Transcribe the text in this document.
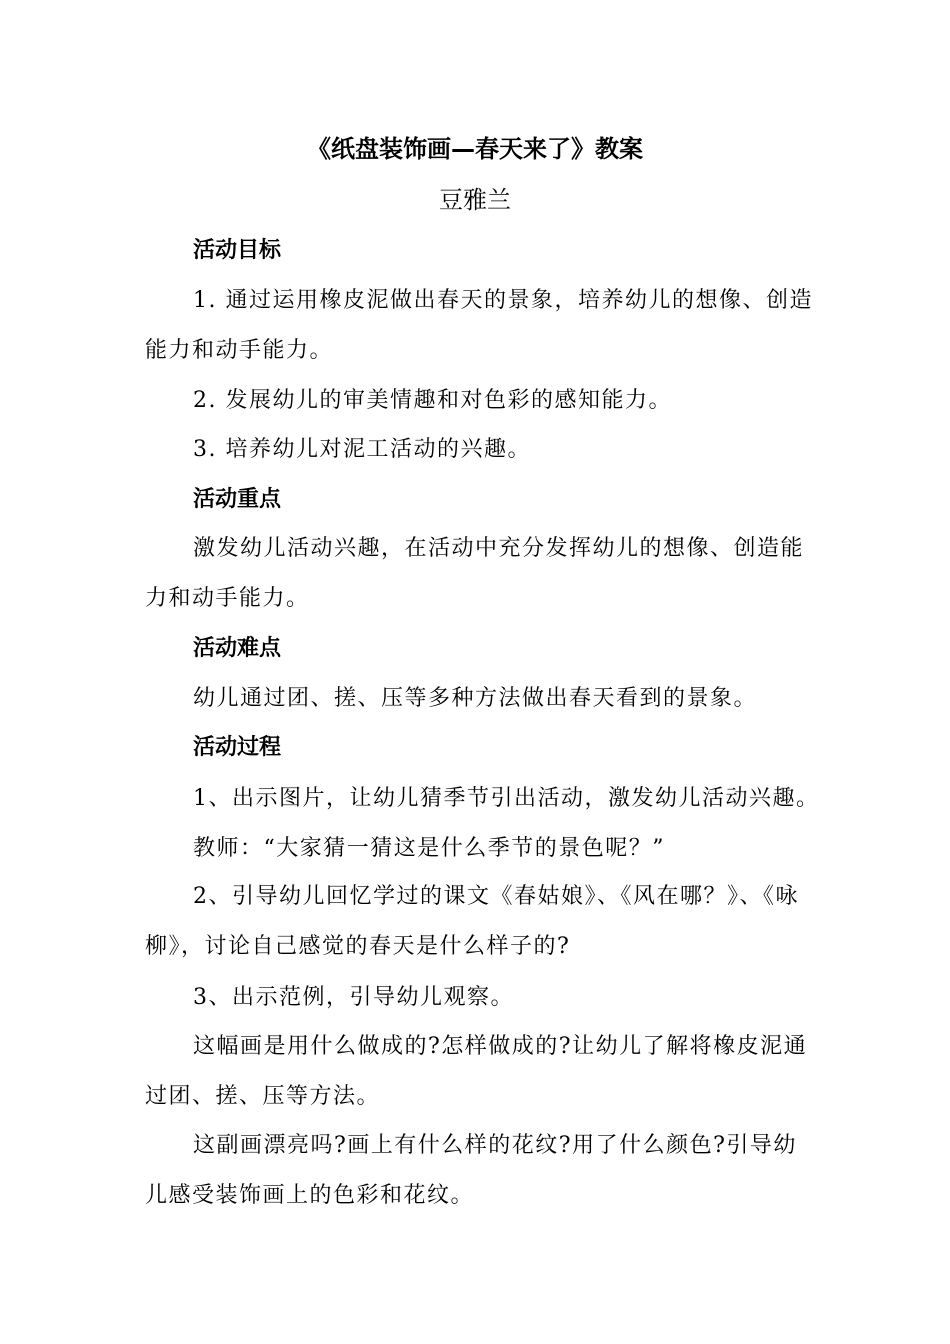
《纸盘装饰画—春天来了》教案
豆雅兰
活动目标
1. 通过运用橡皮泥做出春天的景象，培养幼儿的想像、创造能力和动手能力。
2. 发展幼儿的审美情趣和对色彩的感知能力。
3. 培养幼儿对泥工活动的兴趣。
活动重点
激发幼儿活动兴趣，在活动中充分发挥幼儿的想像、创造能力和动手能力。
活动难点
幼儿通过团、搓、压等多种方法做出春天看到的景象。
活动过程
1、出示图片，让幼儿猜季节引出活动，激发幼儿活动兴趣。
教师：“大家猜一猜这是什么季节的景色呢？”
2、引导幼儿回忆学过的课文《春姑娘》、《风在哪？》、《咏柳》，讨论自己感觉的春天是什么样子的?
3、出示范例，引导幼儿观察。
这幅画是用什么做成的?怎样做成的?让幼儿了解将橡皮泥通过团、搓、压等方法。
这副画漂亮吗?画上有什么样的花纹?用了什么颜色?引导幼儿感受装饰画上的色彩和花纹。
